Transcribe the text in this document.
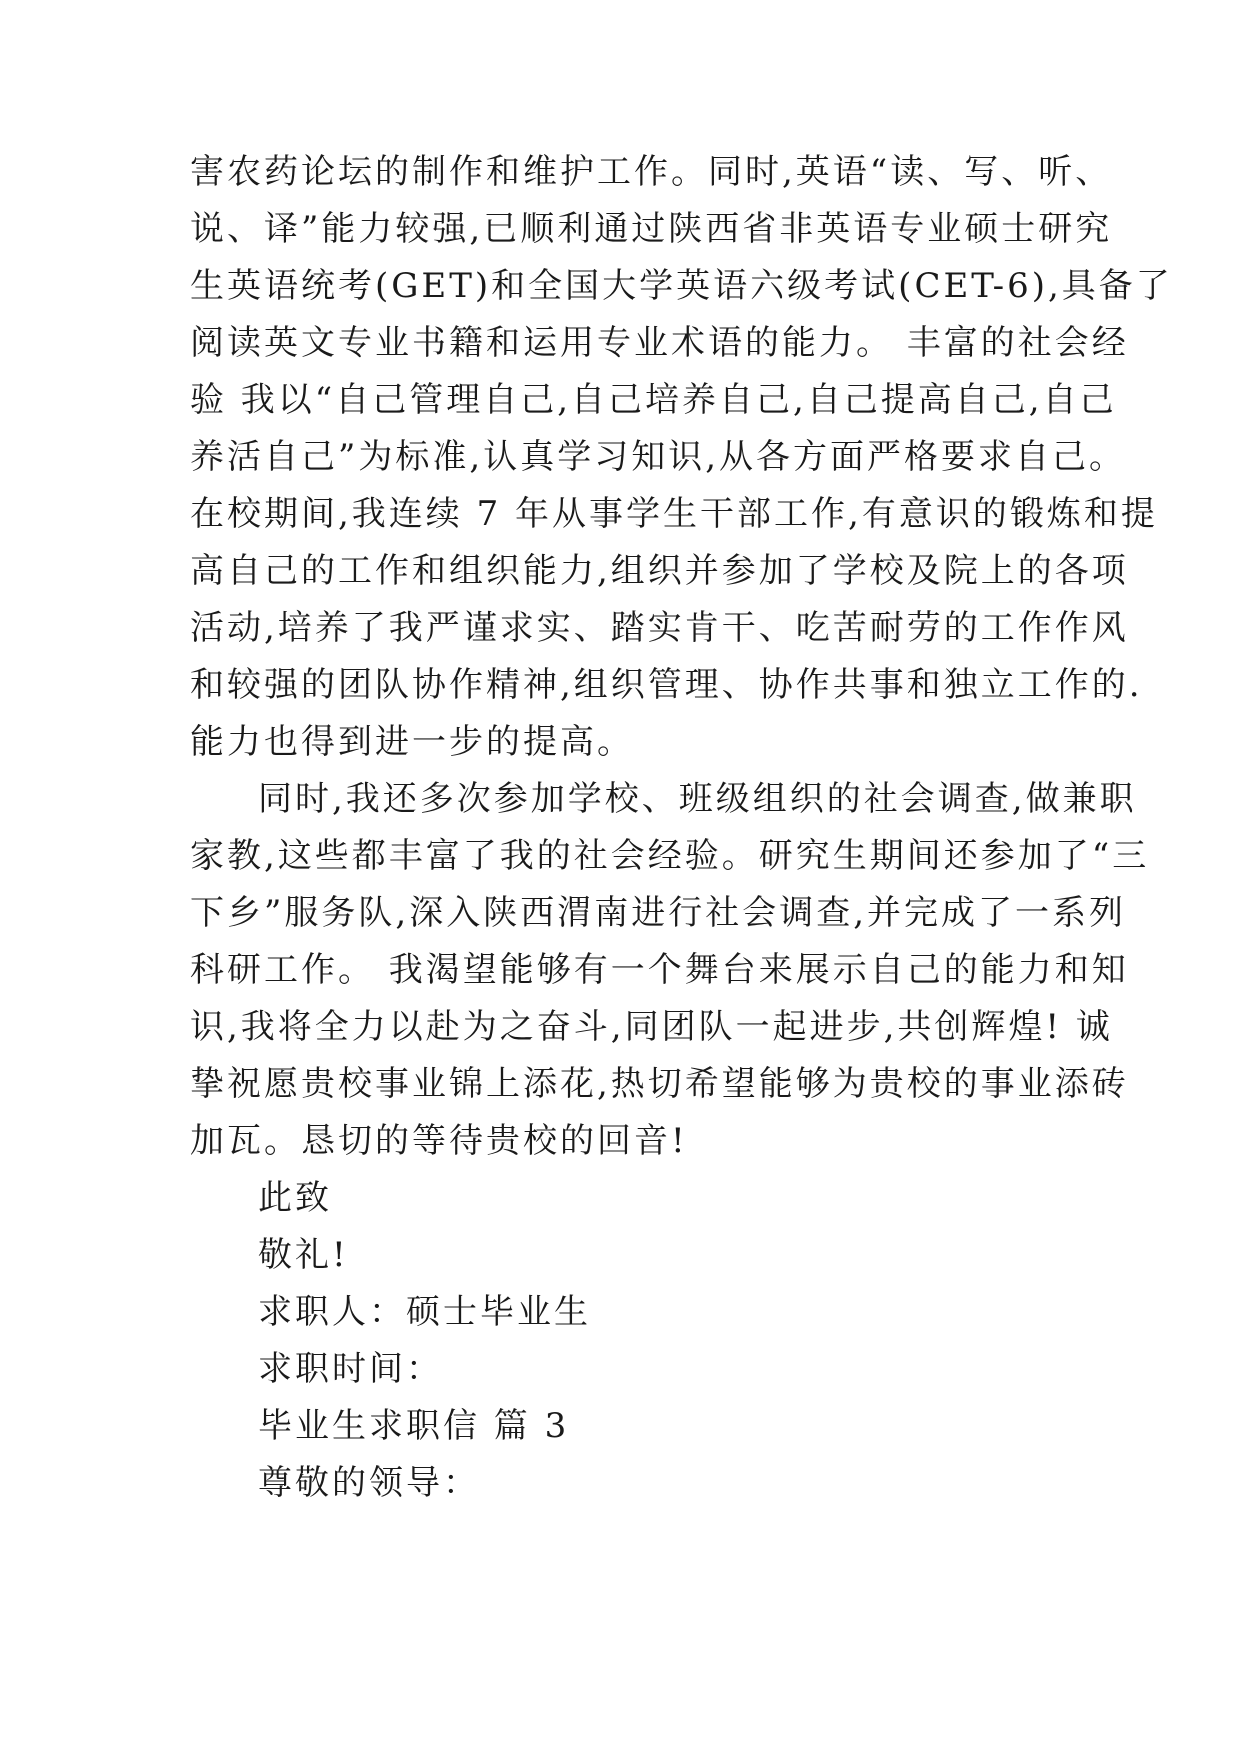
害农药论坛的制作和维护工作。同时,英语“读、写、听、
说、译”能力较强,已顺利通过陕西省非英语专业硕士研究
生英语统考(GET)和全国大学英语六级考试(CET-6),具备了
阅读英文专业书籍和运用专业术语的能力。 丰富的社会经
验 我以“自己管理自己,自己培养自己,自己提高自己,自己
养活自己”为标准,认真学习知识,从各方面严格要求自己。
在校期间,我连续 7 年从事学生干部工作,有意识的锻炼和提
高自己的工作和组织能力,组织并参加了学校及院上的各项
活动,培养了我严谨求实、踏实肯干、吃苦耐劳的工作作风
和较强的团队协作精神,组织管理、协作共事和独立工作的.
能力也得到进一步的提高。
同时,我还多次参加学校、班级组织的社会调查,做兼职
家教,这些都丰富了我的社会经验。研究生期间还参加了“三
下乡”服务队,深入陕西渭南进行社会调查,并完成了一系列
科研工作。 我渴望能够有一个舞台来展示自己的能力和知
识,我将全力以赴为之奋斗,同团队一起进步,共创辉煌! 诚
挚祝愿贵校事业锦上添花,热切希望能够为贵校的事业添砖
加瓦。恳切的等待贵校的回音!
此致
敬礼!
求职人：硕士毕业生
求职时间：
毕业生求职信 篇 3
尊敬的领导：
